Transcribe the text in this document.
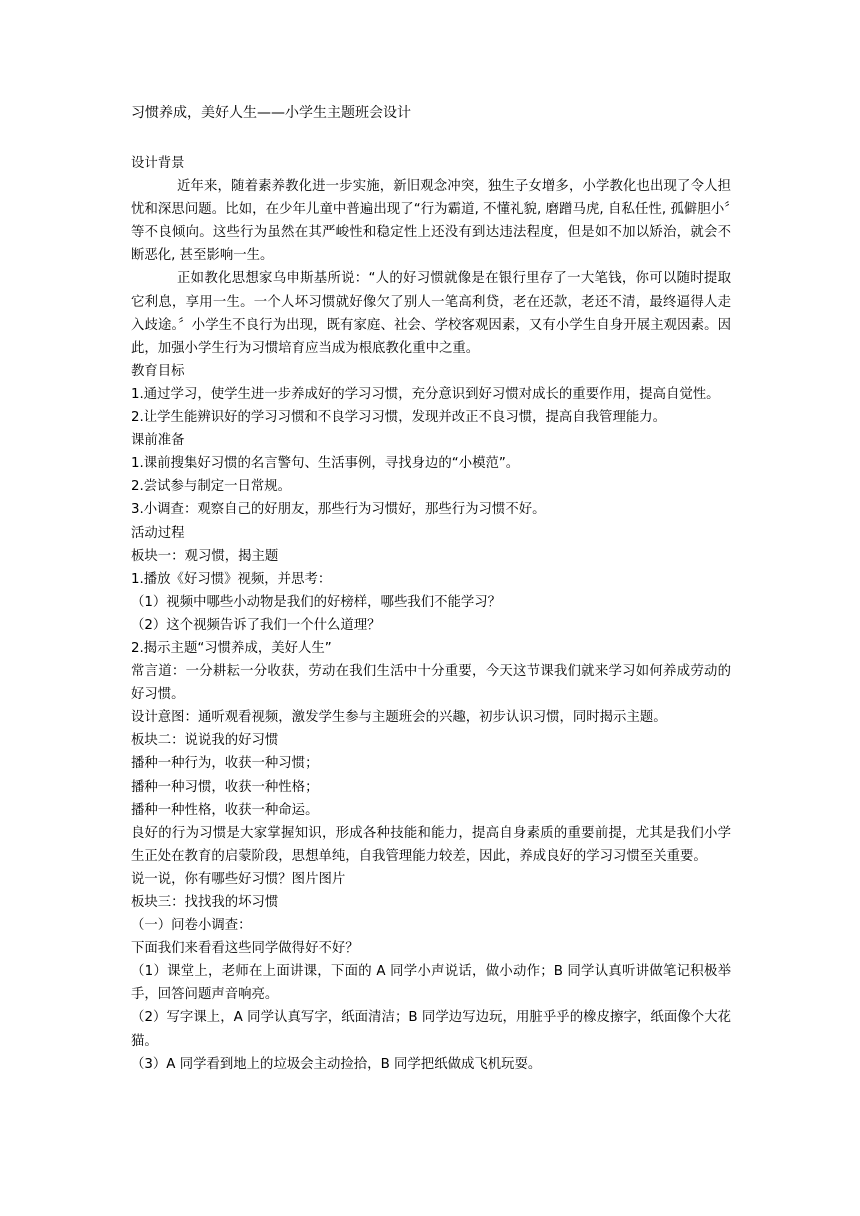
习惯养成，美好人生——小学生主题班会设计

设计背景

近年来，随着素养教化进一步实施，新旧观念冲突，独生子女增多，小学教化也出现了令人担忧和深思问题。比如，在少年儿童中普遍出现了“行为霸道, 不懂礼貌, 磨蹭马虎, 自私任性, 孤僻胆小〞等不良倾向。这些行为虽然在其严峻性和稳定性上还没有到达违法程度，但是如不加以矫治，就会不断恶化, 甚至影响一生。

正如教化思想家乌申斯基所说：“人的好习惯就像是在银行里存了一大笔钱，你可以随时提取它利息，享用一生。一个人坏习惯就好像欠了别人一笔高利贷，老在还款，老还不清，最终逼得人走入歧途。〞小学生不良行为出现，既有家庭、社会、学校客观因素，又有小学生自身开展主观因素。因此，加强小学生行为习惯培育应当成为根底教化重中之重。

教育目标

1.通过学习，使学生进一步养成好的学习习惯，充分意识到好习惯对成长的重要作用，提高自觉性。

2.让学生能辨识好的学习习惯和不良学习习惯，发现并改正不良习惯，提高自我管理能力。

课前准备

1.课前搜集好习惯的名言警句、生活事例，寻找身边的“小模范”。

2.尝试参与制定一日常规。

3.小调查：观察自己的好朋友，那些行为习惯好，那些行为习惯不好。

活动过程

板块一：观习惯，揭主题

1.播放《好习惯》视频，并思考：

（1）视频中哪些小动物是我们的好榜样，哪些我们不能学习？

（2）这个视频告诉了我们一个什么道理？

2.揭示主题“习惯养成，美好人生”

常言道：一分耕耘一分收获，劳动在我们生活中十分重要，今天这节课我们就来学习如何养成劳动的好习惯。

设计意图：通听观看视频，激发学生参与主题班会的兴趣，初步认识习惯，同时揭示主题。

板块二：说说我的好习惯

播种一种行为，收获一种习惯；

播种一种习惯，收获一种性格；

播种一种性格，收获一种命运。

良好的行为习惯是大家掌握知识，形成各种技能和能力，提高自身素质的重要前提，尤其是我们小学生正处在教育的启蒙阶段，思想单纯，自我管理能力较差，因此，养成良好的学习习惯至关重要。

说一说，你有哪些好习惯？图片图片

板块三：找找我的坏习惯

（一）问卷小调查：

下面我们来看看这些同学做得好不好？

（1）课堂上，老师在上面讲课，下面的 A 同学小声说话，做小动作；B 同学认真听讲做笔记积极举手，回答问题声音响亮。

（2）写字课上，A 同学认真写字，纸面清洁；B 同学边写边玩，用脏乎乎的橡皮擦字，纸面像个大花猫。

（3）A 同学看到地上的垃圾会主动捡拾，B 同学把纸做成飞机玩耍。
